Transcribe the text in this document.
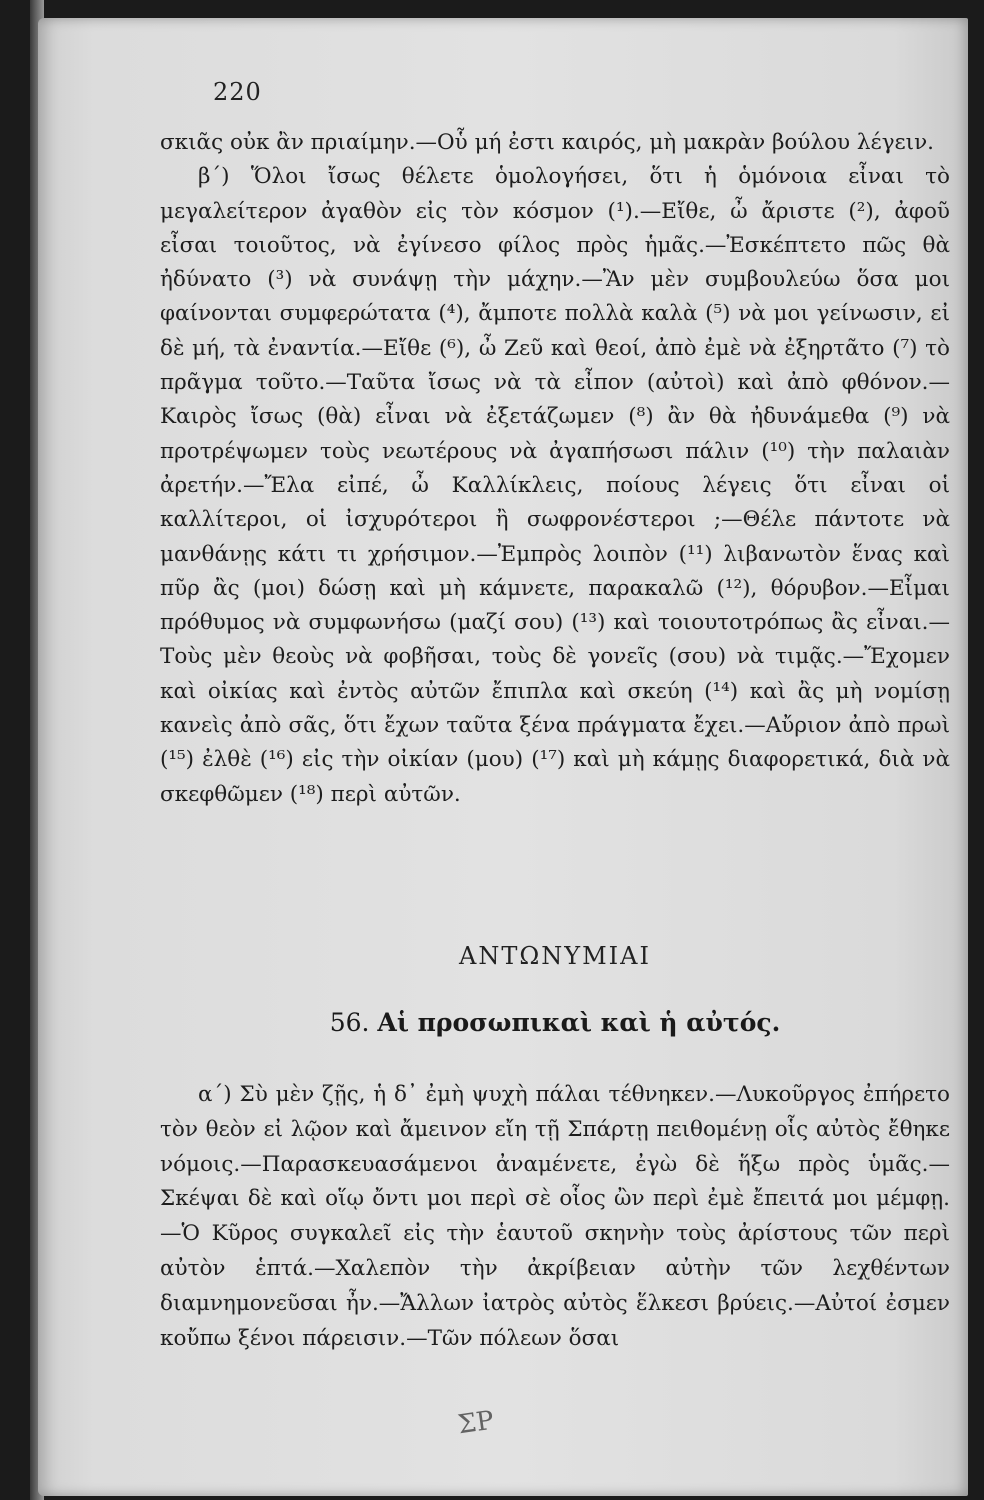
220

σκιᾶς οὐκ ἂν πριαίμην.—Οὗ μή ἐστι καιρός, μὴ μακρὰν βούλου λέγειν.

β΄) Ὅλοι ἴσως θέλετε ὁμολογήσει, ὅτι ἡ ὁμόνοια εἶναι τὸ μεγαλείτερον ἀγαθὸν εἰς τὸν κόσμον (¹).—Εἴθε, ὦ ἄριστε (²), ἀφοῦ εἶσαι τοιοῦτος, νὰ ἐγίνεσο φίλος πρὸς ἡμᾶς.—Ἐσκέπτετο πῶς θὰ ἠδύνατο (³) νὰ συνάψῃ τὴν μάχην.—Ἂν μὲν συμβουλεύω ὅσα μοι φαίνονται συμφερώτατα (⁴), ἄμποτε πολλὰ καλὰ (⁵) νὰ μοι γείνωσιν, εἰ δὲ μή, τὰ ἐναντία.—Εἴθε (⁶), ὦ Ζεῦ καὶ θεοί, ἀπὸ ἐμὲ νὰ ἐξηρτᾶτο (⁷) τὸ πρᾶγμα τοῦτο.—Ταῦτα ἴσως νὰ τὰ εἶπον (αὐτοὶ) καὶ ἀπὸ φθόνον.—Καιρὸς ἴσως (θὰ) εἶναι νὰ ἐξετάζωμεν (⁸) ἂν θὰ ἠδυνάμεθα (⁹) νὰ προτρέψωμεν τοὺς νεωτέρους νὰ ἀγαπήσωσι πάλιν (¹⁰) τὴν παλαιὰν ἀρετήν.—Ἔλα εἰπέ, ὦ Καλλίκλεις, ποίους λέγεις ὅτι εἶναι οἱ καλλίτεροι, οἱ ἰσχυρότεροι ἢ σωφρονέστεροι ;—Θέλε πάντοτε νὰ μανθάνῃς κάτι τι χρήσιμον.—Ἐμπρὸς λοιπὸν (¹¹) λιβανωτὸν ἕνας καὶ πῦρ ἂς (μοι) δώσῃ καὶ μὴ κάμνετε, παρακαλῶ (¹²), θόρυβον.—Εἶμαι πρόθυμος νὰ συμφωνήσω (μαζί σου) (¹³) καὶ τοιουτοτρόπως ἂς εἶναι.—Τοὺς μὲν θεοὺς νὰ φοβῆσαι, τοὺς δὲ γονεῖς (σου) νὰ τιμᾷς.—Ἔχομεν καὶ οἰκίας καὶ ἐντὸς αὐτῶν ἔπιπλα καὶ σκεύη (¹⁴) καὶ ἂς μὴ νομίσῃ κανεὶς ἀπὸ σᾶς, ὅτι ἔχων ταῦτα ξένα πράγματα ἔχει.—Αὔριον ἀπὸ πρωὶ (¹⁵) ἐλθὲ (¹⁶) εἰς τὴν οἰκίαν (μου) (¹⁷) καὶ μὴ κάμῃς διαφορετικά, διὰ νὰ σκεφθῶμεν (¹⁸) περὶ αὐτῶν.

ΑΝΤΩΝΥΜΙΑΙ
56. Αἱ προσωπικαὶ καὶ ἡ αὐτός.

α΄) Σὺ μὲν ζῇς, ἡ δ᾿ ἐμὴ ψυχὴ πάλαι τέθνηκεν.—Λυκοῦργος ἐπήρετο τὸν θεὸν εἰ λῷον καὶ ἄμεινον εἴη τῇ Σπάρτῃ πειθομένῃ οἷς αὐτὸς ἔθηκε νόμοις.—Παρασκευασάμενοι ἀναμένετε, ἐγὼ δὲ ἥξω πρὸς ὑμᾶς.—Σκέψαι δὲ καὶ οἵῳ ὄντι μοι περὶ σὲ οἷος ὢν περὶ ἐμὲ ἔπειτά μοι μέμφῃ.—Ὁ Κῦρος συγκαλεῖ εἰς τὴν ἑαυτοῦ σκηνὴν τοὺς ἀρίστους τῶν περὶ αὐτὸν ἑπτά.—Χαλεπὸν τὴν ἀκρίβειαν αὐτὴν τῶν λεχθέντων διαμνημονεῦσαι ἦν.—Ἄλλων ἰατρὸς αὐτὸς ἕλκεσι βρύεις.—Αὐτοί ἐσμεν κοὔπω ξένοι πάρεισιν.—Τῶν πόλεων ὅσαι

ΣΡ
